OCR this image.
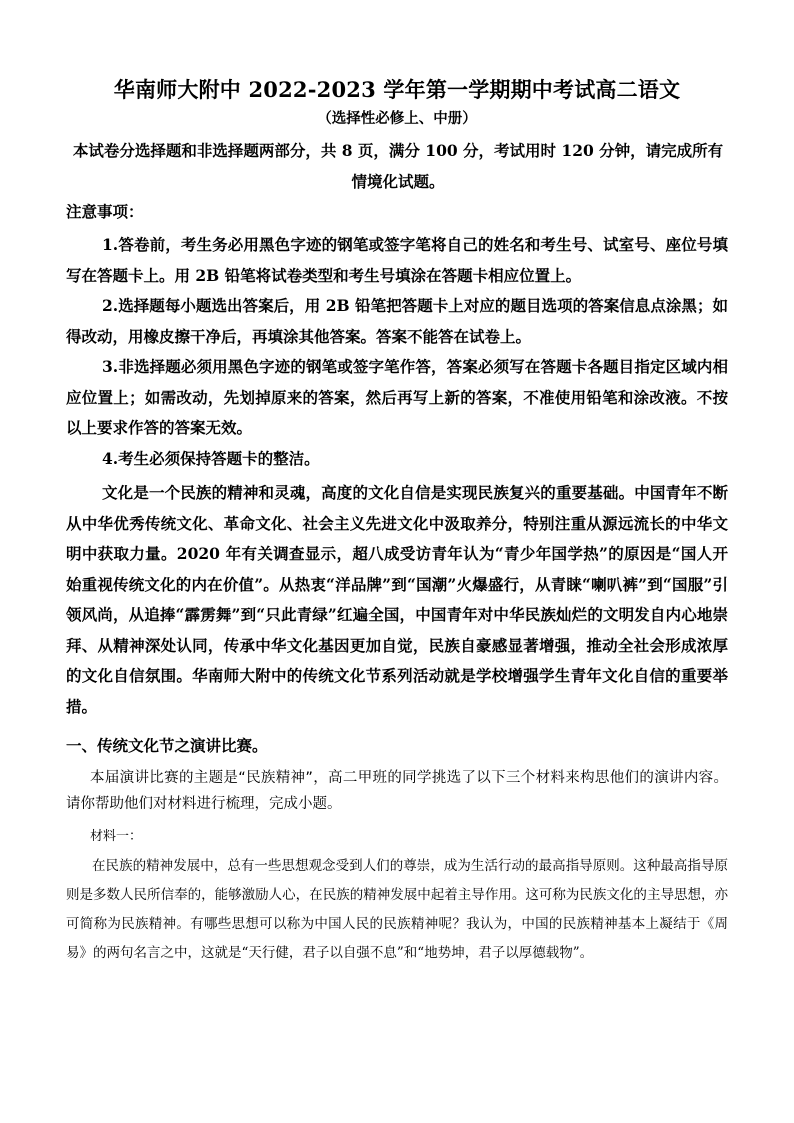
华南师大附中 2022-2023 学年第一学期期中考试高二语文
（选择性必修上、中册）
本试卷分选择题和非选择题两部分，共 8 页，满分 100 分，考试用时 120 分钟，请完成所有情境化试题。
注意事项：

1.答卷前，考生务必用黑色字迹的钢笔或签字笔将自己的姓名和考生号、试室号、座位号填写在答题卡上。用 2B 铅笔将试卷类型和考生号填涂在答题卡相应位置上。

2.选择题每小题选出答案后，用 2B 铅笔把答题卡上对应的题目选项的答案信息点涂黑；如得改动，用橡皮擦干净后，再填涂其他答案。答案不能答在试卷上。

3.非选择题必须用黑色字迹的钢笔或签字笔作答，答案必须写在答题卡各题目指定区域内相应位置上；如需改动，先划掉原来的答案，然后再写上新的答案，不准使用铅笔和涂改液。不按以上要求作答的答案无效。

4.考生必须保持答题卡的整洁。

文化是一个民族的精神和灵魂，高度的文化自信是实现民族复兴的重要基础。中国青年不断从中华优秀传统文化、革命文化、社会主义先进文化中汲取养分，特别注重从源远流长的中华文明中获取力量。2020 年有关调查显示，超八成受访青年认为“青少年国学热”的原因是“国人开始重视传统文化的内在价值”。从热衷“洋品牌”到“国潮”火爆盛行，从青睐“喇叭裤”到“国服”引领风尚，从追捧“霹雳舞”到“只此青绿”红遍全国，中国青年对中华民族灿烂的文明发自内心地崇拜、从精神深处认同，传承中华文化基因更加自觉，民族自豪感显著增强，推动全社会形成浓厚的文化自信氛围。华南师大附中的传统文化节系列活动就是学校增强学生青年文化自信的重要举措。

一、传统文化节之演讲比赛。

本届演讲比赛的主题是“民族精神”，高二甲班的同学挑选了以下三个材料来构思他们的演讲内容。请你帮助他们对材料进行梳理，完成小题。

材料一：

在民族的精神发展中，总有一些思想观念受到人们的尊崇，成为生活行动的最高指导原则。这种最高指导原则是多数人民所信奉的，能够激励人心，在民族的精神发展中起着主导作用。这可称为民族文化的主导思想，亦可简称为民族精神。有哪些思想可以称为中国人民的民族精神呢？我认为，中国的民族精神基本上凝结于《周易》的两句名言之中，这就是“天行健，君子以自强不息”和“地势坤，君子以厚德载物”。
